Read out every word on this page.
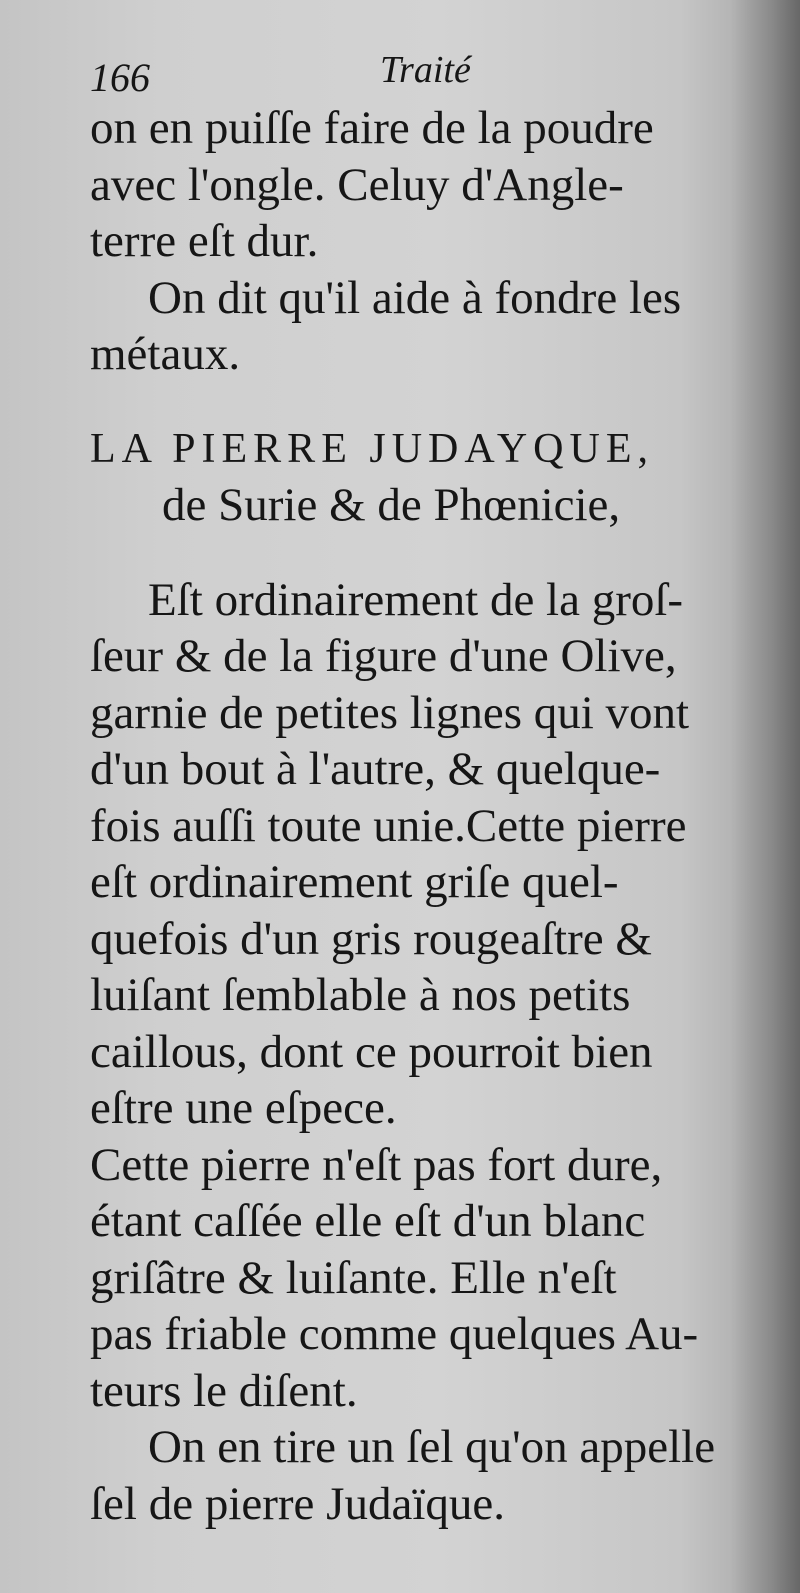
166	Traité
on en puiſſe faire de la poudre
avec l'ongle. Celuy d'Angle-
terre eſt dur.
On dit qu'il aide à fondre les
métaux.
LA PIERRE JUDAYQUE,
de Surie & de Phœnicie,
Eſt ordinairement de la groſ-
ſeur & de la figure d'une Olive,
garnie de petites lignes qui vont
d'un bout à l'autre, & quelque-
fois auſſi toute unie.Cette pierre
eſt ordinairement griſe quel-
quefois d'un gris rougeaſtre &
luiſant ſemblable à nos petits
caillous, dont ce pourroit bien
eſtre une eſpece.
Cette pierre n'eſt pas fort dure,
étant caſſée elle eſt d'un blanc
griſâtre & luiſante. Elle n'eſt
pas friable comme quelques Au-
teurs le diſent.
On en tire un ſel qu'on appelle
ſel de pierre Judaïque.
